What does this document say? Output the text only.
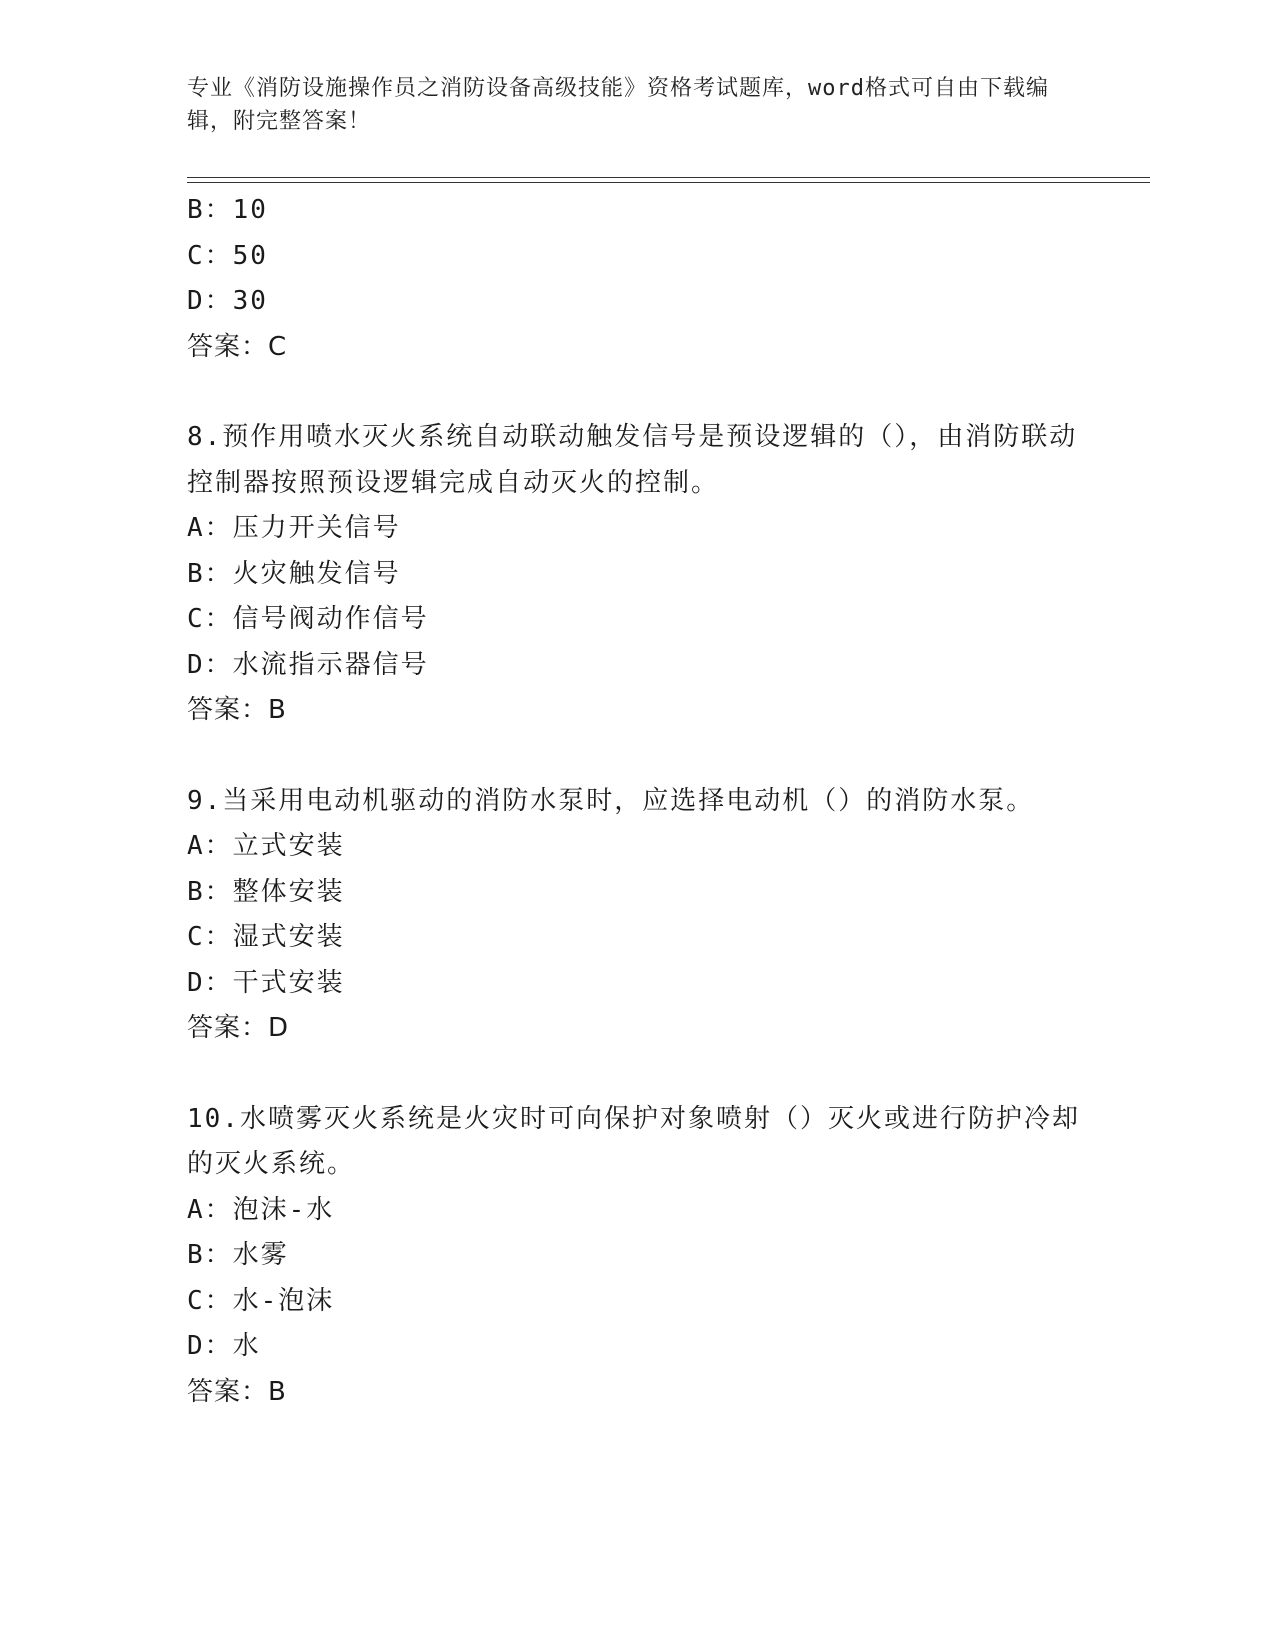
专业《消防设施操作员之消防设备高级技能》资格考试题库，word格式可自由下载编辑，附完整答案！
B：10
C：50
D：30
答案：C
8.预作用喷水灭火系统自动联动触发信号是预设逻辑的（），由消防联动控制器按照预设逻辑完成自动灭火的控制。
A：压力开关信号
B：火灾触发信号
C：信号阀动作信号
D：水流指示器信号
答案：B
9.当采用电动机驱动的消防水泵时，应选择电动机（）的消防水泵。
A：立式安装
B：整体安装
C：湿式安装
D：干式安装
答案：D
10.水喷雾灭火系统是火灾时可向保护对象喷射（）灭火或进行防护冷却的灭火系统。
A：泡沫-水
B：水雾
C：水-泡沫
D：水
答案：B
